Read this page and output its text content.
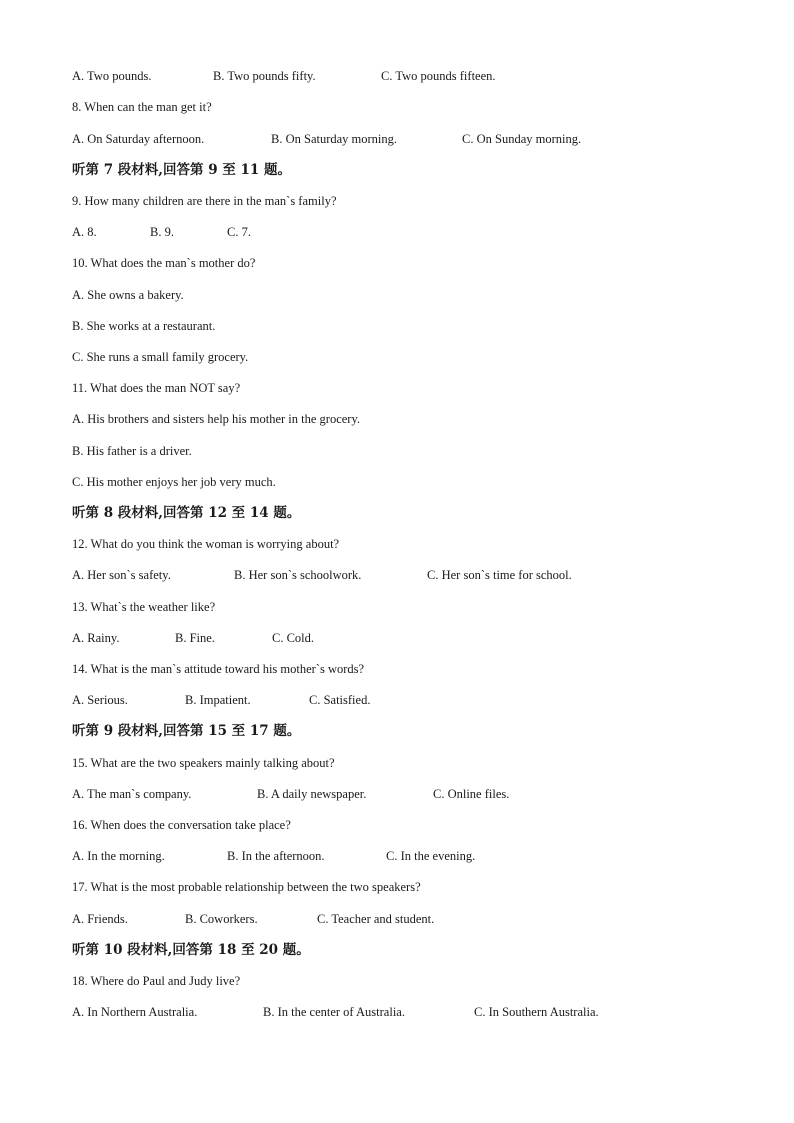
A. Two pounds.	B. Two pounds fifty.	C. Two pounds fifteen.
8. When can the man get it?
A. On Saturday afternoon.	B. On Saturday morning.	C. On Sunday morning.
听第 7 段材料,回答第 9 至 11 题。
9. How many children are there in the man`s family?
A. 8.	B. 9.	C. 7.
10. What does the man`s mother do?
A. She owns a bakery.
B. She works at a restaurant.
C. She runs a small family grocery.
11. What does the man NOT say?
A. His brothers and sisters help his mother in the grocery.
B. His father is a driver.
C. His mother enjoys her job very much.
听第 8 段材料,回答第 12 至 14 题。
12. What do you think the woman is worrying about?
A. Her son`s safety.	B. Her son`s schoolwork.	C. Her son`s time for school.
13. What`s the weather like?
A. Rainy.	B. Fine.	C. Cold.
14. What is the man`s attitude toward his mother`s words?
A. Serious.	B. Impatient.	C. Satisfied.
听第 9 段材料,回答第 15 至 17 题。
15. What are the two speakers mainly talking about?
A. The man`s company.	B. A daily newspaper.	C. Online files.
16. When does the conversation take place?
A. In the morning.	B. In the afternoon.	C. In the evening.
17. What is the most probable relationship between the two speakers?
A. Friends.	B. Coworkers.	C. Teacher and student.
听第 10 段材料,回答第 18 至 20 题。
18. Where do Paul and Judy live?
A. In Northern Australia.	B. In the center of Australia.	C. In Southern Australia.
